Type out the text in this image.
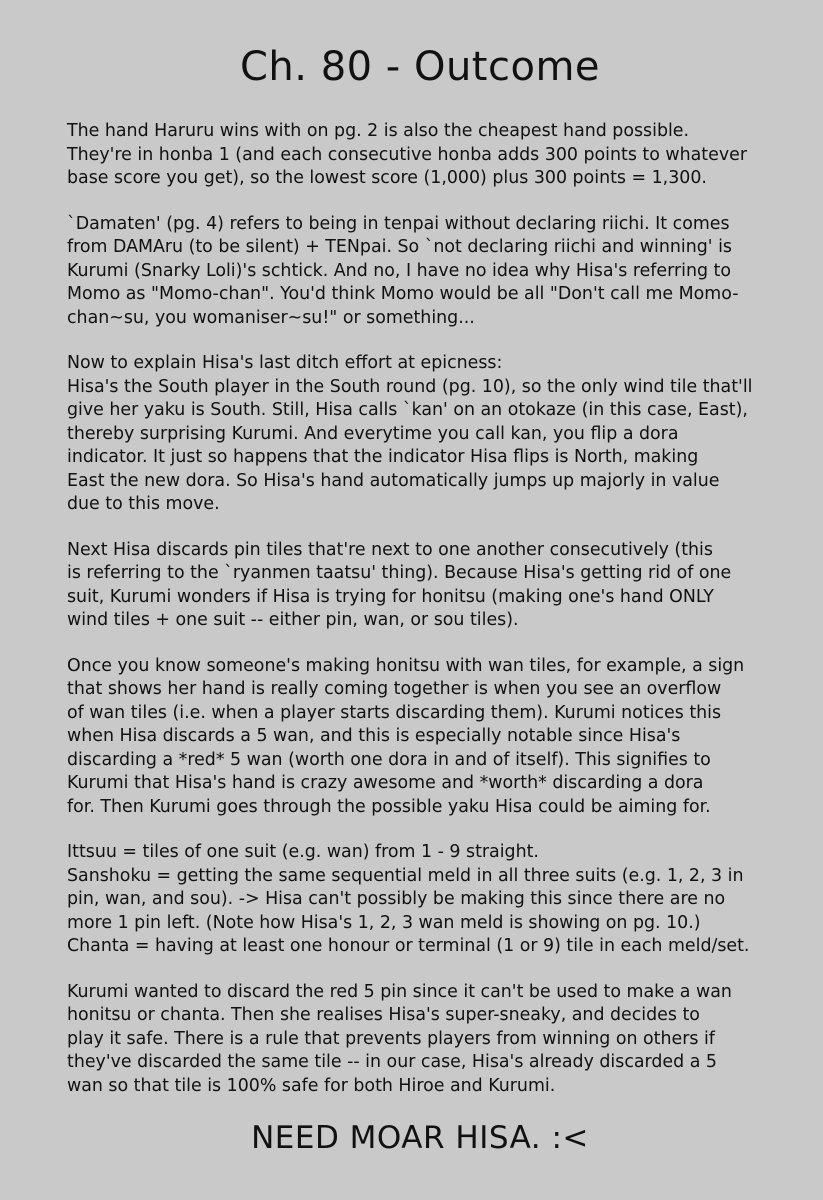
Ch. 80 - Outcome
The hand Haruru wins with on pg. 2 is also the cheapest hand possible.
They're in honba 1 (and each consecutive honba adds 300 points to whatever
base score you get), so the lowest score (1,000) plus 300 points = 1,300.
`Damaten' (pg. 4) refers to being in tenpai without declaring riichi. It comes
from DAMAru (to be silent) + TENpai. So `not declaring riichi and winning' is
Kurumi (Snarky Loli)'s schtick. And no, I have no idea why Hisa's referring to
Momo as "Momo-chan". You'd think Momo would be all "Don't call me Momo-
chan~su, you womaniser~su!" or something...
Now to explain Hisa's last ditch effort at epicness:
Hisa's the South player in the South round (pg. 10), so the only wind tile that'll
give her yaku is South. Still, Hisa calls `kan' on an otokaze (in this case, East),
thereby surprising Kurumi. And everytime you call kan, you flip a dora
indicator. It just so happens that the indicator Hisa flips is North, making
East the new dora. So Hisa's hand automatically jumps up majorly in value
due to this move.
Next Hisa discards pin tiles that're next to one another consecutively (this
is referring to the `ryanmen taatsu' thing). Because Hisa's getting rid of one
suit, Kurumi wonders if Hisa is trying for honitsu (making one's hand ONLY
wind tiles + one suit -- either pin, wan, or sou tiles).
Once you know someone's making honitsu with wan tiles, for example, a sign
that shows her hand is really coming together is when you see an overflow
of wan tiles (i.e. when a player starts discarding them). Kurumi notices this
when Hisa discards a 5 wan, and this is especially notable since Hisa's
discarding a *red* 5 wan (worth one dora in and of itself). This signifies to
Kurumi that Hisa's hand is crazy awesome and *worth* discarding a dora
for. Then Kurumi goes through the possible yaku Hisa could be aiming for.
Ittsuu = tiles of one suit (e.g. wan) from 1 - 9 straight.
Sanshoku = getting the same sequential meld in all three suits (e.g. 1, 2, 3 in
pin, wan, and sou). -> Hisa can't possibly be making this since there are no
more 1 pin left. (Note how Hisa's 1, 2, 3 wan meld is showing on pg. 10.)
Chanta = having at least one honour or terminal (1 or 9) tile in each meld/set.
Kurumi wanted to discard the red 5 pin since it can't be used to make a wan
honitsu or chanta. Then she realises Hisa's super-sneaky, and decides to
play it safe. There is a rule that prevents players from winning on others if
they've discarded the same tile -- in our case, Hisa's already discarded a 5
wan so that tile is 100% safe for both Hiroe and Kurumi.
NEED MOAR HISA. :<
